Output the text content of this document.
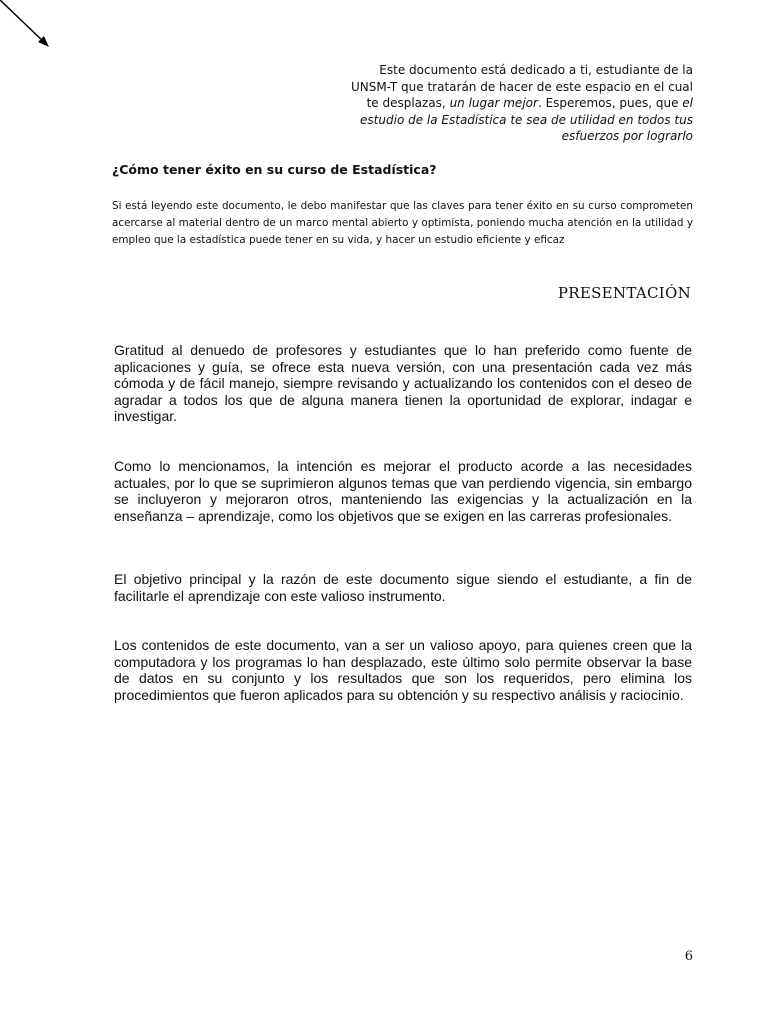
Este documento está dedicado a ti, estudiante de la
UNSM-T que tratarán de hacer de este espacio en el cual
te desplazas, un lugar mejor. Esperemos, pues, que el
estudio de la Estadística te sea de utilidad en todos tus
esfuerzos por lograrlo
¿Cómo tener éxito en su curso de Estadística?

Si está leyendo este documento, le debo manifestar que las claves para tener éxito en su curso comprometen acercarse al material dentro de un marco mental abierto y optimista, poniendo mucha atención en la utilidad y empleo que la estadística puede tener en su vida, y hacer un estudio eficiente y eficaz

PRESENTACIÓN

Gratitud al denuedo de profesores y estudiantes que lo han preferido como fuente de aplicaciones y guía, se ofrece esta nueva versión, con una presentación cada vez más cómoda y de fácil manejo, siempre revisando y actualizando los contenidos con el deseo de agradar a todos los que de alguna manera tienen la oportunidad de explorar, indagar e investigar.

Como lo mencionamos, la intención es mejorar el producto acorde a las necesidades actuales, por lo que se suprimieron algunos temas que van perdiendo vigencia, sin embargo se incluyeron y mejoraron otros, manteniendo las exigencias y la actualización en la enseñanza – aprendizaje, como los objetivos que se exigen en las carreras profesionales.

El objetivo principal y la razón de este documento sigue siendo el estudiante, a fin de facilitarle el aprendizaje con este valioso instrumento.

Los contenidos de este documento, van a ser un valioso apoyo, para quienes creen que la computadora y los programas lo han desplazado, este último solo permite observar la base de datos en su conjunto y los resultados que son los requeridos, pero elimina los procedimientos que fueron aplicados para su obtención y su respectivo análisis y raciocinio.

6
